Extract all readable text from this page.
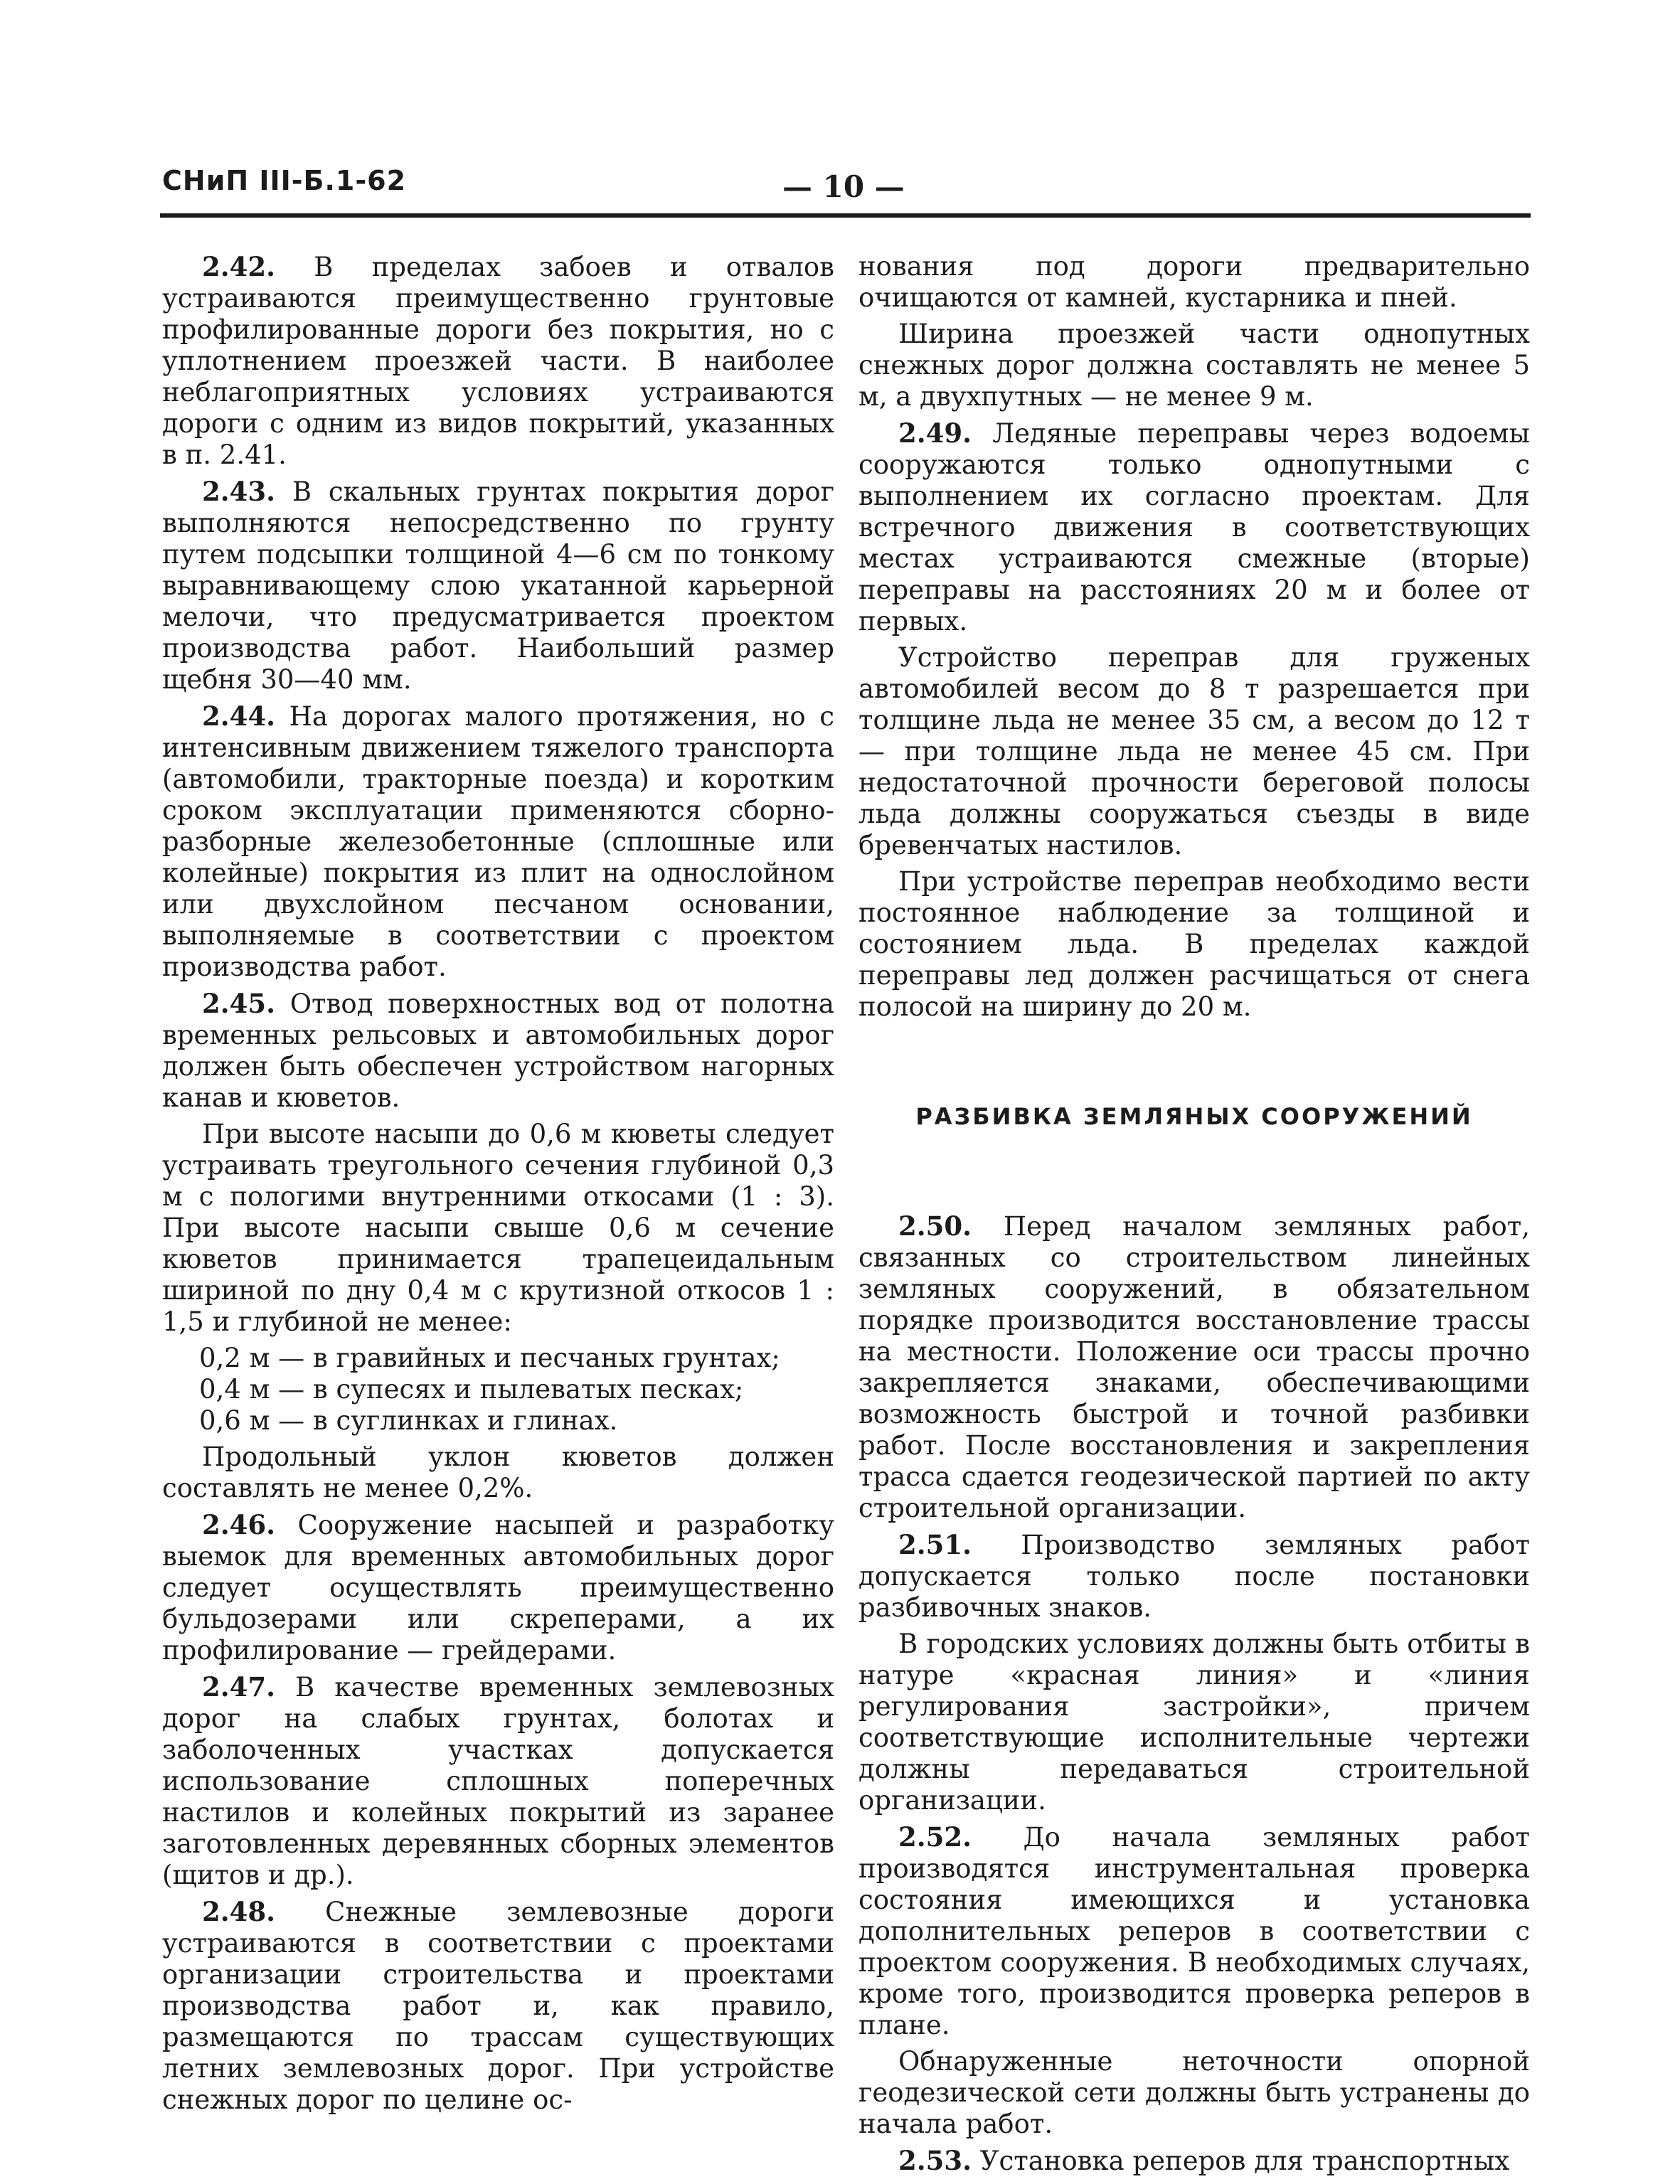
СНиП III-Б.1-62	— 10 —

2.42. В пределах забоев и отвалов устраиваются преимущественно грунтовые профилированные дороги без покрытия, но с уплотнением проезжей части. В наиболее неблагоприятных условиях устраиваются дороги с одним из видов покрытий, указанных в п. 2.41.

2.43. В скальных грунтах покрытия дорог выполняются непосредственно по грунту путем подсыпки толщиной 4—6 см по тонкому выравнивающему слою укатанной карьерной мелочи, что предусматривается проектом производства работ. Наибольший размер щебня 30—40 мм.

2.44. На дорогах малого протяжения, но с интенсивным движением тяжелого транспорта (автомобили, тракторные поезда) и коротким сроком эксплуатации применяются сборно-разборные железобетонные (сплошные или колейные) покрытия из плит на однослойном или двухслойном песчаном основании, выполняемые в соответствии с проектом производства работ.

2.45. Отвод поверхностных вод от полотна временных рельсовых и автомобильных дорог должен быть обеспечен устройством нагорных канав и кюветов.

При высоте насыпи до 0,6 м кюветы следует устраивать треугольного сечения глубиной 0,3 м с пологими внутренними откосами (1 : 3). При высоте насыпи свыше 0,6 м сечение кюветов принимается трапецеидальным шириной по дну 0,4 м с крутизной откосов 1 : 1,5 и глубиной не менее:

0,2 м — в гравийных и песчаных грунтах;

0,4 м — в супесях и пылеватых песках;

0,6 м — в суглинках и глинах.

Продольный уклон кюветов должен составлять не менее 0,2%.

2.46. Сооружение насыпей и разработку выемок для временных автомобильных дорог следует осуществлять преимущественно бульдозерами или скреперами, а их профилирование — грейдерами.

2.47. В качестве временных землевозных дорог на слабых грунтах, болотах и заболоченных участках допускается использование сплошных поперечных настилов и колейных покрытий из заранее заготовленных деревянных сборных элементов (щитов и др.).

2.48. Снежные землевозные дороги устраиваются в соответствии с проектами организации строительства и проектами производства работ и, как правило, размещаются по трассам существующих летних землевозных дорог. При устройстве снежных дорог по целине ос-

нования под дороги предварительно очищаются от камней, кустарника и пней.

Ширина проезжей части однопутных снежных дорог должна составлять не менее 5 м, а двухпутных — не менее 9 м.

2.49. Ледяные переправы через водоемы сооружаются только однопутными с выполнением их согласно проектам. Для встречного движения в соответствующих местах устраиваются смежные (вторые) переправы на расстояниях 20 м и более от первых.

Устройство переправ для груженых автомобилей весом до 8 т разрешается при толщине льда не менее 35 см, а весом до 12 т — при толщине льда не менее 45 см. При недостаточной прочности береговой полосы льда должны сооружаться съезды в виде бревенчатых настилов.

При устройстве переправ необходимо вести постоянное наблюдение за толщиной и состоянием льда. В пределах каждой переправы лед должен расчищаться от снега полосой на ширину до 20 м.

РАЗБИВКА ЗЕМЛЯНЫХ СООРУЖЕНИЙ

2.50. Перед началом земляных работ, связанных со строительством линейных земляных сооружений, в обязательном порядке производится восстановление трассы на местности. Положение оси трассы прочно закрепляется знаками, обеспечивающими возможность быстрой и точной разбивки работ. После восстановления и закрепления трасса сдается геодезической партией по акту строительной организации.

2.51. Производство земляных работ допускается только после постановки разбивочных знаков.

В городских условиях должны быть отбиты в натуре «красная линия» и «линия регулирования застройки», причем соответствующие исполнительные чертежи должны передаваться строительной организации.

2.52. До начала земляных работ производятся инструментальная проверка состояния имеющихся и установка дополнительных реперов в соответствии с проектом сооружения. В необходимых случаях, кроме того, производится проверка реперов в плане.

Обнаруженные неточности опорной геодезической сети должны быть устранены до начала работ.

2.53. Установка реперов для транспортных
